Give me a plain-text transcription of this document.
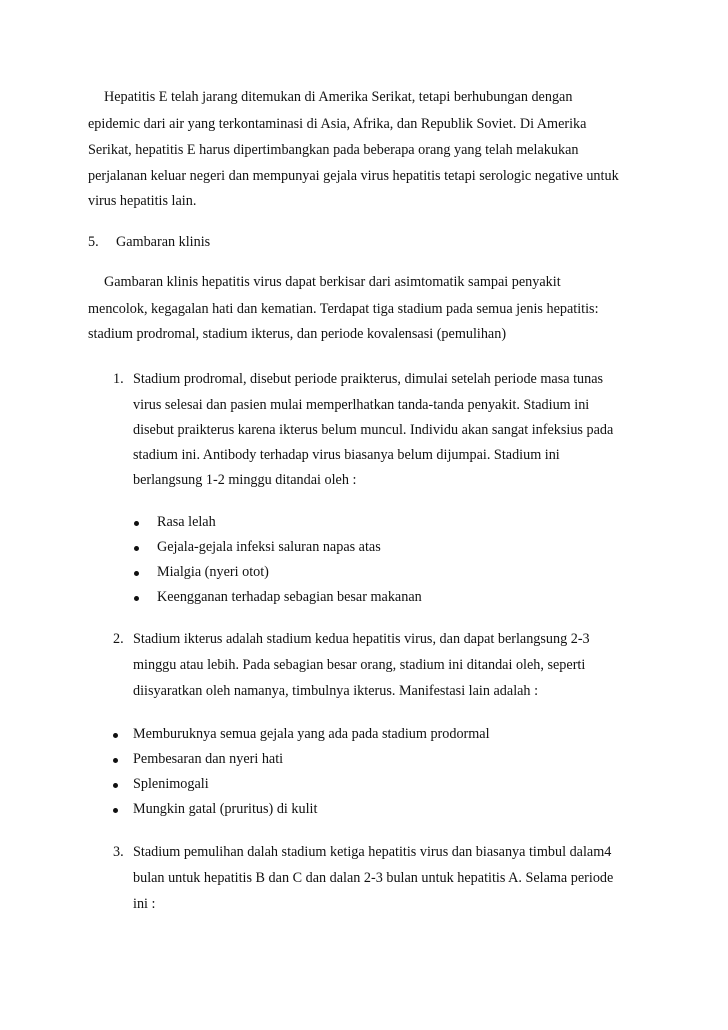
Hepatitis E telah jarang ditemukan di Amerika Serikat, tetapi berhubungan dengan
epidemic dari air yang terkontaminasi di Asia, Afrika, dan Republik Soviet. Di Amerika
Serikat, hepatitis E harus dipertimbangkan pada beberapa orang yang telah melakukan
perjalanan keluar negeri dan mempunyai gejala virus hepatitis tetapi serologic negative untuk
virus hepatitis lain.
5. Gambaran klinis
Gambaran klinis hepatitis virus dapat berkisar dari asimtomatik sampai penyakit
mencolok, kegagalan hati dan kematian. Terdapat tiga stadium pada semua jenis hepatitis:
stadium prodromal, stadium ikterus, dan periode kovalensasi (pemulihan)
1. Stadium prodromal, disebut periode praikterus, dimulai setelah periode masa tunas
virus selesai dan pasien mulai memperlhatkan tanda-tanda penyakit. Stadium ini
disebut praikterus karena ikterus belum muncul. Individu akan sangat infeksius pada
stadium ini. Antibody terhadap virus biasanya belum dijumpai. Stadium ini
berlangsung 1-2 minggu ditandai oleh :
Rasa lelah
Gejala-gejala infeksi saluran napas atas
Mialgia (nyeri otot)
Keengganan terhadap sebagian besar makanan
2. Stadium ikterus adalah stadium kedua hepatitis virus, dan dapat berlangsung 2-3
minggu atau lebih. Pada sebagian besar orang, stadium ini ditandai oleh, seperti
diisyaratkan oleh namanya, timbulnya ikterus. Manifestasi lain adalah :
Memburuknya semua gejala yang ada pada stadium prodormal
Pembesaran dan nyeri hati
Splenimogali
Mungkin gatal (pruritus) di kulit
3. Stadium pemulihan dalah stadium ketiga hepatitis virus dan biasanya timbul dalam4
bulan untuk hepatitis B dan C dan dalan 2-3 bulan untuk hepatitis A. Selama periode
ini :
